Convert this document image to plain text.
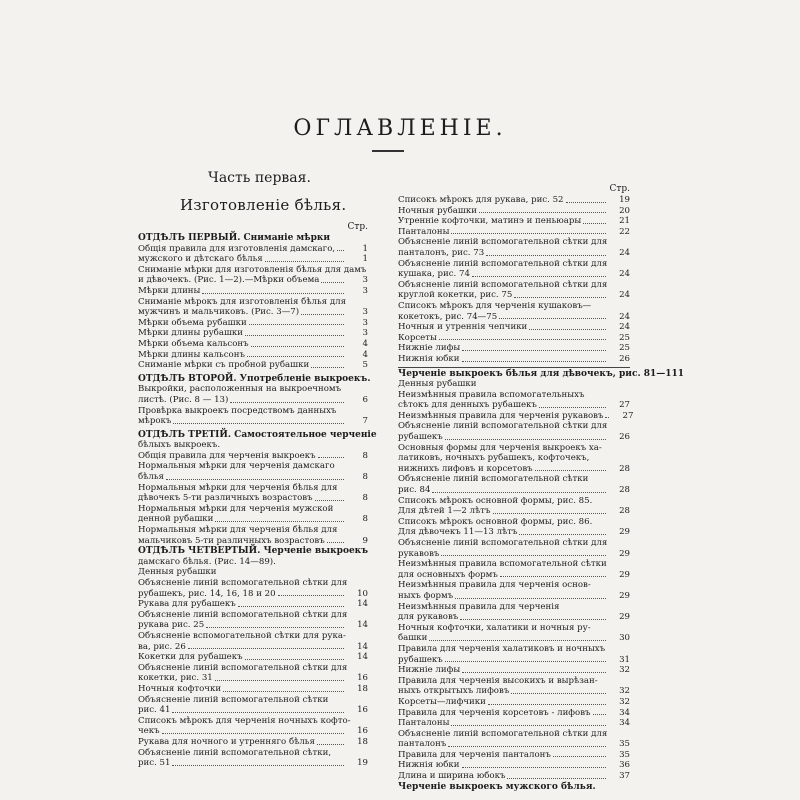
ОГЛАВЛЕНІЕ.
Часть первая.
Изготовленіе бѣлья.
Стр.
ОТДѢЛЪ ПЕРВЫЙ. Сниманіе мѣрки
Общія правила для изготовленія дамскаго,	1
мужского и дѣтскаго бѣлья	1
Сниманіе мѣрки для изготовленія бѣлья для дамъ
и дѣвочекъ. (Рис. 1—2).—Мѣрки объема	3
Мѣрки длины	3
Сниманіе мѣрокъ для изготовленія бѣлья для
мужчинъ и мальчиковъ. (Рис. 3—7)	3
Мѣрки объема рубашки	3
Мѣрки длины рубашки	3
Мѣрки объема кальсонъ	4
Мѣрки длины кальсонъ	4
Сниманіе мѣрки съ пробной рубашки	5
ОТДѢЛЪ ВТОРОЙ. Употребленіе выкроекъ.
Выкройки, расположенныя на выкроечномъ
листѣ. (Рис. 8 — 13)	6
Провѣрка выкроекъ посредствомъ данныхъ
мѣрокъ	7
ОТДѢЛЪ ТРЕТІЙ. Самостоятельное черченіе
бѣлыхъ выкроекъ.
Общія правила для черченія выкроекъ	8
Нормальныя мѣрки для черченія дамскаго
бѣлья	8
Нормальныя мѣрки для черченія бѣлья для
дѣвочекъ 5-ти различныхъ возрастовъ	8
Нормальныя мѣрки для черченія мужской
денной рубашки	8
Нормальныя мѣрки для черченія бѣлья для
мальчиковъ 5-ти различныхъ возрастовъ	9
ОТДѢЛЪ ЧЕТВЕРТЫЙ. Черченіе выкроекъ
дамскаго бѣлья. (Рис. 14—89).
Денныя рубашки
Объясненіе линій вспомогательной сѣтки для
рубашекъ, рис. 14, 16, 18 и 20	10
Рукава для рубашекъ	14
Объясненіе линій вспомогательной сѣтки для
рукава рис. 25	14
Объясненіе вспомогательной сѣтки для рука-
ва, рис. 26	14
Кокетки для рубашекъ	14
Объясненіе линій вспомогательной сѣтки для
кокетки, рис. 31	16
Ночныя кофточки	18
Объясненіе линій вспомогательной сѣтки
рис. 41	16
Списокъ мѣрокъ для черченія ночныхъ кофто-
чекъ	16
Рукава для ночного и утренняго бѣлья	18
Объясненіе линій вспомогательной сѣтки,
рис. 51	19
Стр.
Списокъ мѣрокъ для рукава, рис. 52	19
Ночныя рубашки	20
Утренніе кофточки, матинэ и пеньюары	21
Панталоны	22
Объясненіе линій вспомогательной сѣтки для
панталонъ, рис. 73	24
Объясненіе линій вспомогательной сѣтки для
кушака, рис. 74	24
Объясненіе линій вспомогательной сѣтки для
круглой кокетки, рис. 75	24
Списокъ мѣрокъ для черченія кушаковъ—
кокетокъ, рис. 74—75	24
Ночныя и утреннія чепчики	24
Корсеты	25
Нижніе лифы	25
Нижнія юбки	26
Черченіе выкроекъ бѣлья для дѣвочекъ, рис. 81—111
Денныя рубашки
Неизмѣнныя правила вспомогательныхъ
сѣтокъ для денныхъ рубашекъ	27
Неизмѣнныя правила для черченія рукавовъ	27
Объясненіе линій вспомогательной сѣтки для
рубашекъ	26
Основныя формы для черченія выкроекъ ха-
латиковъ, ночныхъ рубашекъ, кофточекъ,
нижнихъ лифовъ и корсетовъ	28
Объясненіе линій вспомогательной сѣтки
рис. 84	28
Списокъ мѣрокъ основной формы, рис. 85.
Для дѣтей 1—2 лѣтъ	28
Списокъ мѣрокъ основной формы, рис. 86.
Для дѣвочекъ 11—13 лѣтъ	29
Объясненіе линій вспомогательной сѣтки для
рукавовъ	29
Неизмѣнныя правила вспомогательной сѣтки
для основныхъ формъ	29
Неизмѣнныя правила для черченія основ-
ныхъ формъ	29
Неизмѣнныя правила для черченія
для рукавовъ	29
Ночныя кофточки, халатики и ночныя ру-
башки	30
Правила для черченія халатиковъ и ночныхъ
рубашекъ	31
Нижніе лифы	32
Правила для черченія высокихъ и вырѣзан-
ныхъ открытыхъ лифовъ	32
Корсеты—лифчики	32
Правила для черченія корсетовъ - лифовъ	34
Панталоны	34
Объясненіе линій вспомогательной сѣтки для
панталонъ	35
Правила для черченія панталонъ	35
Нижнія юбки	36
Длина и ширина юбокъ	37
Черченіе выкроекъ мужского бѣлья.
